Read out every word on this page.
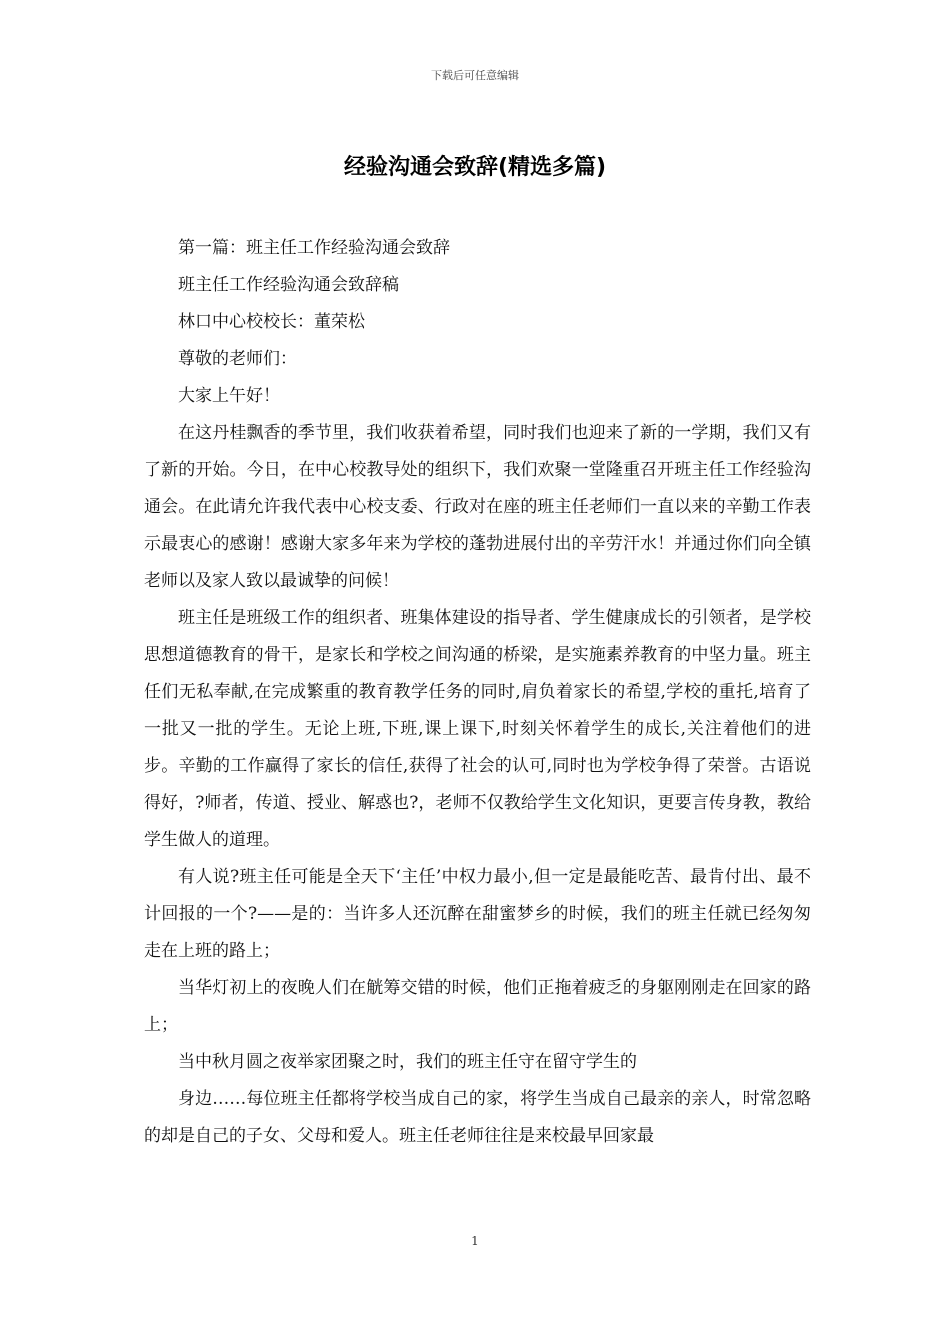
下载后可任意编辑
经验沟通会致辞(精选多篇)

第一篇：班主任工作经验沟通会致辞

班主任工作经验沟通会致辞稿

林口中心校校长：董荣松

尊敬的老师们：

大家上午好！

在这丹桂飘香的季节里，我们收获着希望，同时我们也迎来了新的一学期，我们又有了新的开始。今日，在中心校教导处的组织下，我们欢聚一堂隆重召开班主任工作经验沟通会。在此请允许我代表中心校支委、行政对在座的班主任老师们一直以来的辛勤工作表示最衷心的感谢！感谢大家多年来为学校的蓬勃进展付出的辛劳汗水！并通过你们向全镇老师以及家人致以最诚挚的问候！

班主任是班级工作的组织者、班集体建设的指导者、学生健康成长的引领者，是学校思想道德教育的骨干，是家长和学校之间沟通的桥梁，是实施素养教育的中坚力量。班主任们无私奉献,在完成繁重的教育教学任务的同时,肩负着家长的希望,学校的重托,培育了一批又一批的学生。无论上班,下班,课上课下,时刻关怀着学生的成长,关注着他们的进步。辛勤的工作赢得了家长的信任,获得了社会的认可,同时也为学校争得了荣誉。古语说得好，?师者，传道、授业、解惑也?，老师不仅教给学生文化知识，更要言传身教，教给学生做人的道理。

有人说?班主任可能是全天下‘主任’中权力最小,但一定是最能吃苦、最肯付出、最不计回报的一个?——是的：当许多人还沉醉在甜蜜梦乡的时候，我们的班主任就已经匆匆走在上班的路上；

当华灯初上的夜晚人们在觥筹交错的时候，他们正拖着疲乏的身躯刚刚走在回家的路上；

当中秋月圆之夜举家团聚之时，我们的班主任守在留守学生的

身边……每位班主任都将学校当成自己的家，将学生当成自己最亲的亲人，时常忽略的却是自己的子女、父母和爱人。班主任老师往往是来校最早回家最

1
